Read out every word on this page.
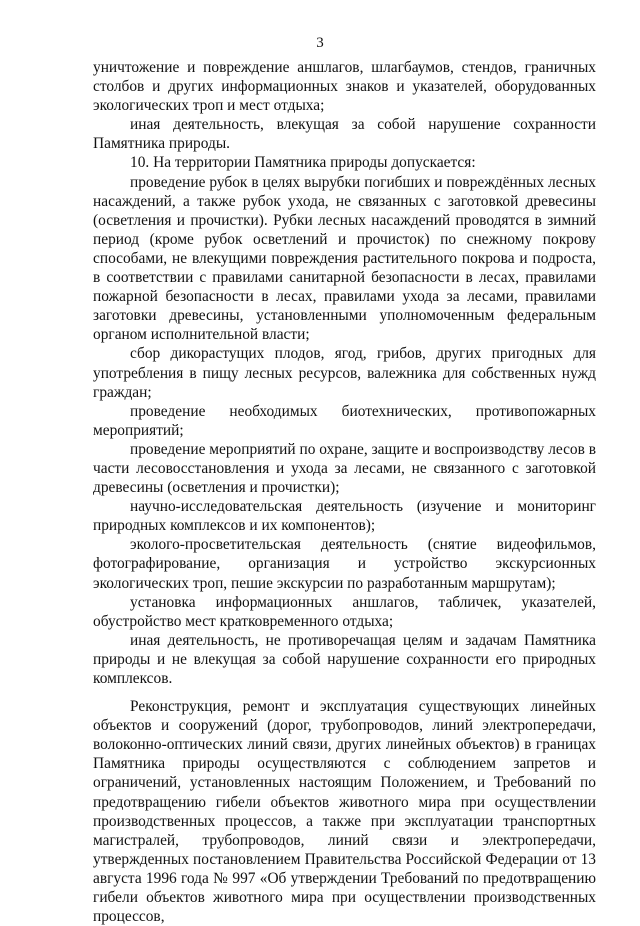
3

уничтожение и повреждение аншлагов, шлагбаумов, стендов, граничных столбов и других информационных знаков и указателей, оборудованных экологических троп и мест отдыха;

иная деятельность, влекущая за собой нарушение сохранности Памятника природы.

10. На территории Памятника природы допускается:

проведение рубок в целях вырубки погибших и повреждённых лесных насаждений, а также рубок ухода, не связанных с заготовкой древесины (осветления и прочистки). Рубки лесных насаждений проводятся в зимний период (кроме рубок осветлений и прочисток) по снежному покрову способами, не влекущими повреждения растительного покрова и подроста, в соответствии с правилами санитарной безопасности в лесах, правилами пожарной безопасности в лесах, правилами ухода за лесами, правилами заготовки древесины, установленными уполномоченным федеральным органом исполнительной власти;

сбор дикорастущих плодов, ягод, грибов, других пригодных для употребления в пищу лесных ресурсов, валежника для собственных нужд граждан;

проведение необходимых биотехнических, противопожарных мероприятий;

проведение мероприятий по охране, защите и воспроизводству лесов в части лесовосстановления и ухода за лесами, не связанного с заготовкой древесины (осветления и прочистки);

научно-исследовательская деятельность (изучение и мониторинг природных комплексов и их компонентов);

эколого-просветительская деятельность (снятие видеофильмов, фотографирование, организация и устройство экскурсионных экологических троп, пешие экскурсии по разработанным маршрутам);

установка информационных аншлагов, табличек, указателей, обустройство мест кратковременного отдыха;

иная деятельность, не противоречащая целям и задачам Памятника природы и не влекущая за собой нарушение сохранности его природных комплексов.

Реконструкция, ремонт и эксплуатация существующих линейных объектов и сооружений (дорог, трубопроводов, линий электропередачи, волоконно-оптических линий связи, других линейных объектов) в границах Памятника природы осуществляются с соблюдением запретов и ограничений, установленных настоящим Положением, и Требований по предотвращению гибели объектов животного мира при осуществлении производственных процессов, а также при эксплуатации транспортных магистралей, трубопроводов, линий связи и электропередачи, утвержденных постановлением Правительства Российской Федерации от 13 августа 1996 года № 997 «Об утверждении Требований по предотвращению гибели объектов животного мира при осуществлении производственных процессов,
